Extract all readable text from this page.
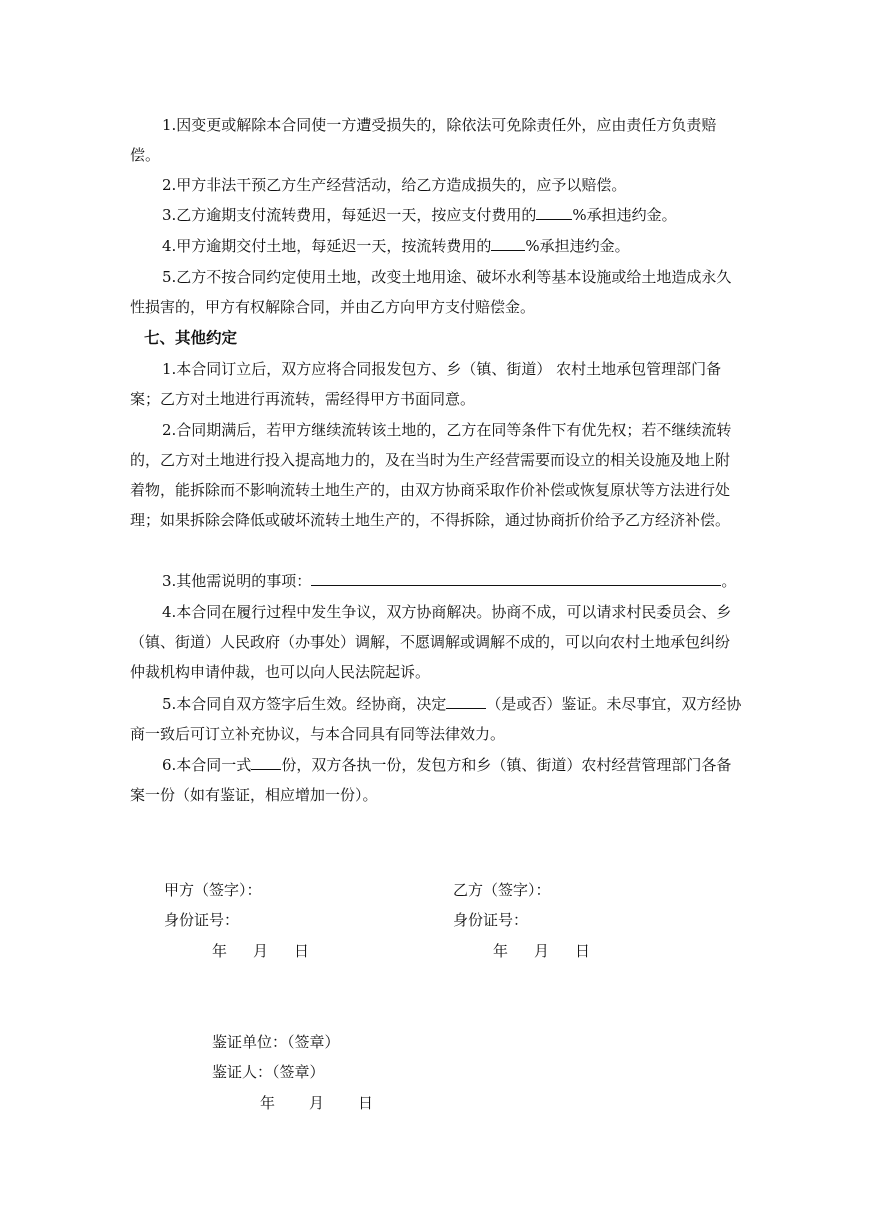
1.因变更或解除本合同使一方遭受损失的，除依法可免除责任外，应由责任方负责赔偿。
2.甲方非法干预乙方生产经营活动，给乙方造成损失的，应予以赔偿。
3.乙方逾期支付流转费用，每延迟一天，按应支付费用的 %承担违约金。
4.甲方逾期交付土地，每延迟一天，按流转费用的 %承担违约金。
5.乙方不按合同约定使用土地，改变土地用途、破坏水利等基本设施或给土地造成永久性损害的，甲方有权解除合同，并由乙方向甲方支付赔偿金。
七、其他约定
1.本合同订立后，双方应将合同报发包方、乡（镇、街道） 农村土地承包管理部门备案；乙方对土地进行再流转，需经得甲方书面同意。
2.合同期满后，若甲方继续流转该土地的，乙方在同等条件下有优先权；若不继续流转的，乙方对土地进行投入提高地力的，及在当时为生产经营需要而设立的相关设施及地上附着物，能拆除而不影响流转土地生产的，由双方协商采取作价补偿或恢复原状等方法进行处理；如果拆除会降低或破坏流转土地生产的，不得拆除，通过协商折价给予乙方经济补偿。
3.其他需说明的事项：	。
4.本合同在履行过程中发生争议，双方协商解决。协商不成，可以请求村民委员会、乡（镇、街道）人民政府（办事处）调解，不愿调解或调解不成的，可以向农村土地承包纠纷仲裁机构申请仲裁，也可以向人民法院起诉。
5.本合同自双方签字后生效。经协商，决定	（是或否）鉴证。未尽事宜，双方经协商一致后可订立补充协议，与本合同具有同等法律效力。
6.本合同一式 份，双方各执一份，发包方和乡（镇、街道）农村经营管理部门各备案一份（如有鉴证，相应增加一份）。
甲方（签字）：
身份证号：
年 月 日
乙方（签字）：
身份证号：
年 月 日
鉴证单位：（签章）
鉴证人：（签章）
年 月 日
